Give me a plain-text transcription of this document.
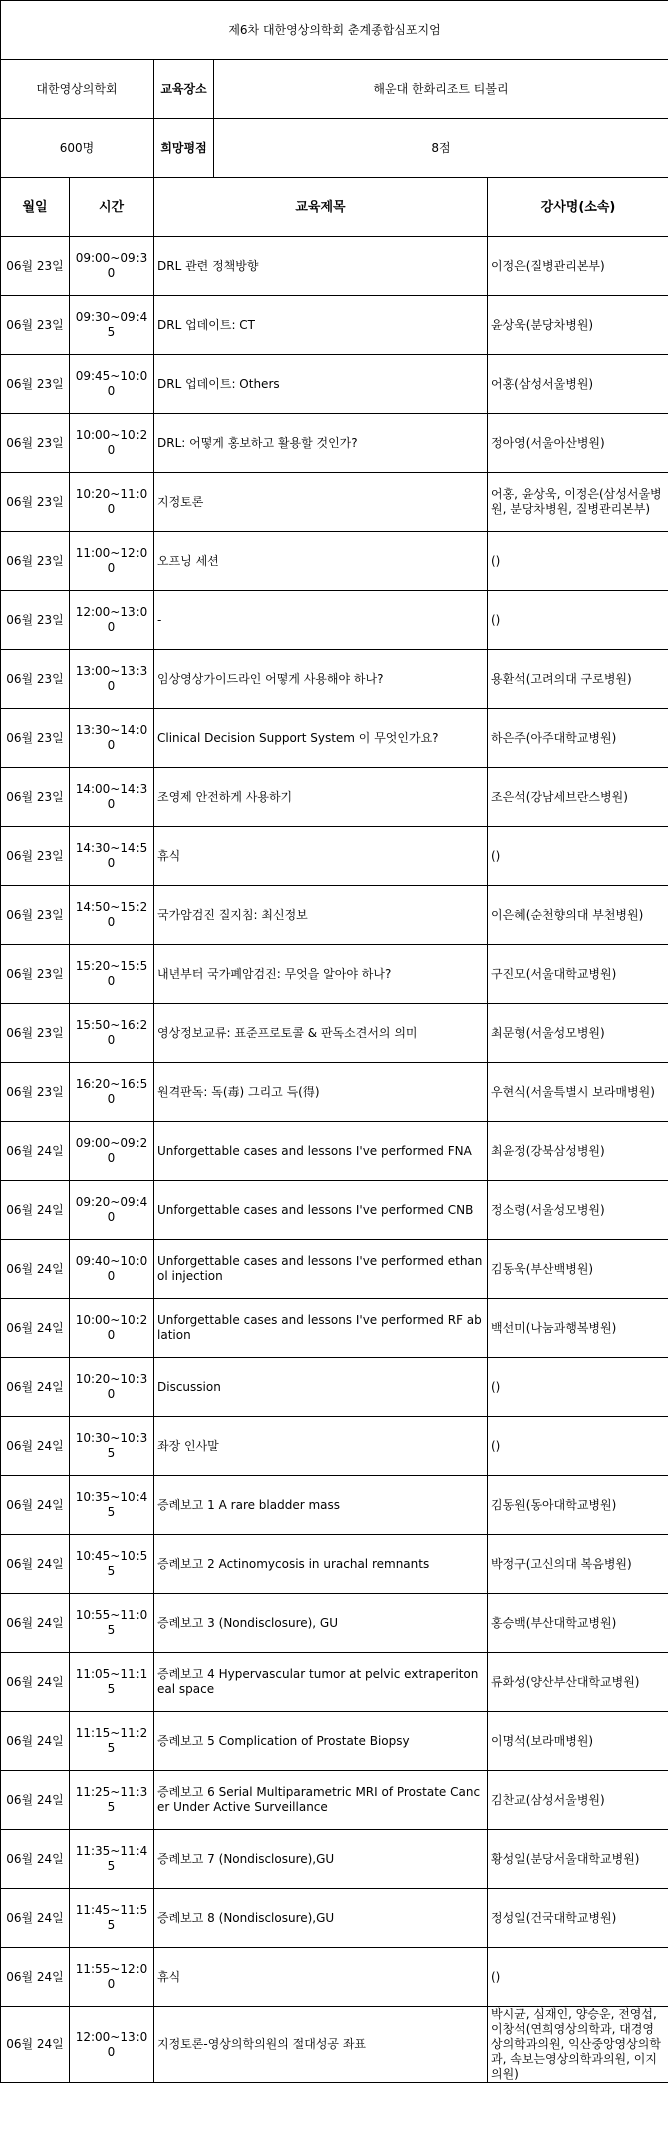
제6차 대한영상의학회 춘계종합심포지엄		
대한영상의학회	교육장소	해운대 한화리조트 티볼리
600명	희망평점	8점
월일	시간	교육제목	강사명(소속)
06월 23일	09:00~09:30	DRL 관련 정책방향	이정은(질병관리본부)
06월 23일	09:30~09:45	DRL 업데이트: CT	윤상욱(분당차병원)
06월 23일	09:45~10:00	DRL 업데이트: Others	어홍(삼성서울병원)
06월 23일	10:00~10:20	DRL: 어떻게 홍보하고 활용할 것인가?	정아영(서울아산병원)
06월 23일	10:20~11:00	지정토론	어홍, 윤상욱, 이정은(삼성서울병원, 분당차병원, 질병관리본부)
06월 23일	11:00~12:00	오프닝 세션	()
06월 23일	12:00~13:00	-	()
06월 23일	13:00~13:30	임상영상가이드라인 어떻게 사용해야 하나?	용환석(고려의대 구로병원)
06월 23일	13:30~14:00	Clinical Decision Support System 이 무엇인가요?	하은주(아주대학교병원)
06월 23일	14:00~14:30	조영제 안전하게 사용하기	조은석(강남세브란스병원)
06월 23일	14:30~14:50	휴식	()
06월 23일	14:50~15:20	국가암검진 질지침: 최신정보	이은혜(순천향의대 부천병원)
06월 23일	15:20~15:50	내년부터 국가폐암검진: 무엇을 알아야 하나?	구진모(서울대학교병원)
06월 23일	15:50~16:20	영상정보교류: 표준프로토콜 & 판독소견서의 의미	최문형(서울성모병원)
06월 23일	16:20~16:50	원격판독: 독(毒) 그리고 득(得)	우현식(서울특별시 보라매병원)
06월 24일	09:00~09:20	Unforgettable cases and lessons I've performed FNA	최윤정(강북삼성병원)
06월 24일	09:20~09:40	Unforgettable cases and lessons I've performed CNB	정소령(서울성모병원)
06월 24일	09:40~10:00	Unforgettable cases and lessons I've performed ethanol injection	김동욱(부산백병원)
06월 24일	10:00~10:20	Unforgettable cases and lessons I've performed RF ablation	백선미(나눔과행복병원)
06월 24일	10:20~10:30	Discussion	()
06월 24일	10:30~10:35	좌장 인사말	()
06월 24일	10:35~10:45	증례보고 1 A rare bladder mass	김동원(동아대학교병원)
06월 24일	10:45~10:55	증례보고 2 Actinomycosis in urachal remnants	박정구(고신의대 복음병원)
06월 24일	10:55~11:05	증례보고 3 (Nondisclosure), GU	홍승백(부산대학교병원)
06월 24일	11:05~11:15	증례보고 4 Hypervascular tumor at pelvic extraperitoneal space	류화성(양산부산대학교병원)
06월 24일	11:15~11:25	증례보고 5 Complication of Prostate Biopsy	이명석(보라매병원)
06월 24일	11:25~11:35	증례보고 6 Serial Multiparametric MRI of Prostate Cancer Under Active Surveillance	김찬교(삼성서울병원)
06월 24일	11:35~11:45	증례보고 7 (Nondisclosure),GU	황성일(분당서울대학교병원)
06월 24일	11:45~11:55	증례보고 8 (Nondisclosure),GU	정성일(건국대학교병원)
06월 24일	11:55~12:00	휴식	()
06월 24일	12:00~13:00	지정토론-영상의학의원의 절대성공 좌표	박시균, 심재인, 양승운, 전영섭, 이창석(연희영상의학과, 대경영상의학과의원, 익산중앙영상의학과, 속보는영상의학과의원, 이지의원)
